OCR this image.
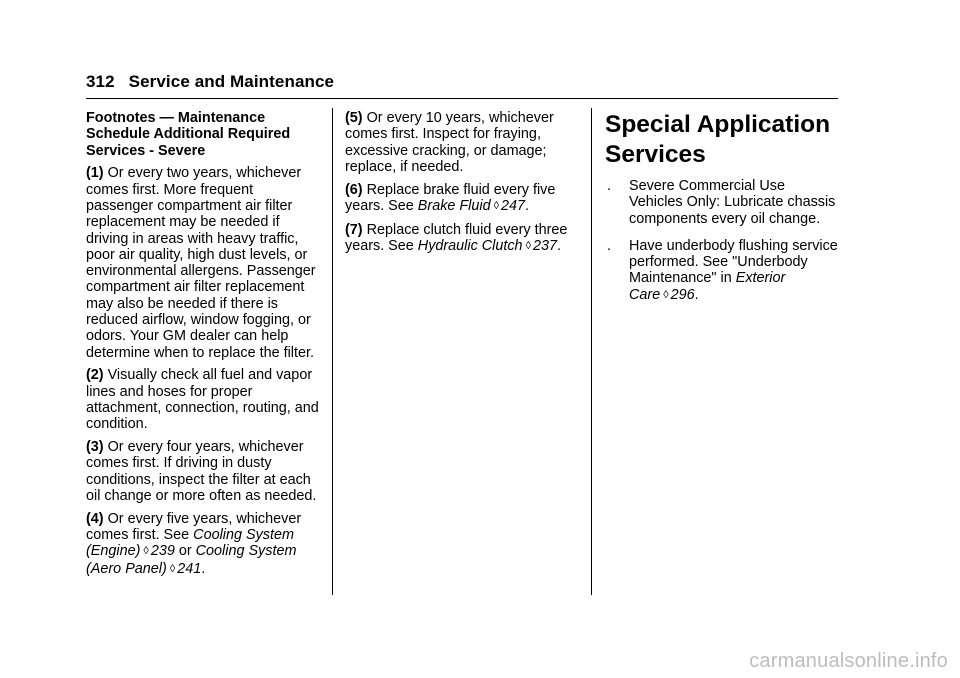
312 Service and Maintenance

Footnotes — Maintenance Schedule Additional Required Services - Severe

(1) Or every two years, whichever comes first. More frequent passenger compartment air filter replacement may be needed if driving in areas with heavy traffic, poor air quality, high dust levels, or environmental allergens. Passenger compartment air filter replacement may also be needed if there is reduced airflow, window fogging, or odors. Your GM dealer can help determine when to replace the filter.

(2) Visually check all fuel and vapor lines and hoses for proper attachment, connection, routing, and condition.

(3) Or every four years, whichever comes first. If driving in dusty conditions, inspect the filter at each oil change or more often as needed.

(4) Or every five years, whichever comes first. See Cooling System (Engine) ◊ 239 or Cooling System (Aero Panel) ◊ 241.

(5) Or every 10 years, whichever comes first. Inspect for fraying, excessive cracking, or damage; replace, if needed.

(6) Replace brake fluid every five years. See Brake Fluid ◊ 247.

(7) Replace clutch fluid every three years. See Hydraulic Clutch ◊ 237.

Special Application Services
. Severe Commercial Use Vehicles Only: Lubricate chassis components every oil change.
. Have underbody flushing service performed. See "Underbody Maintenance" in Exterior Care ◊ 296.
carmanualsonline.info
